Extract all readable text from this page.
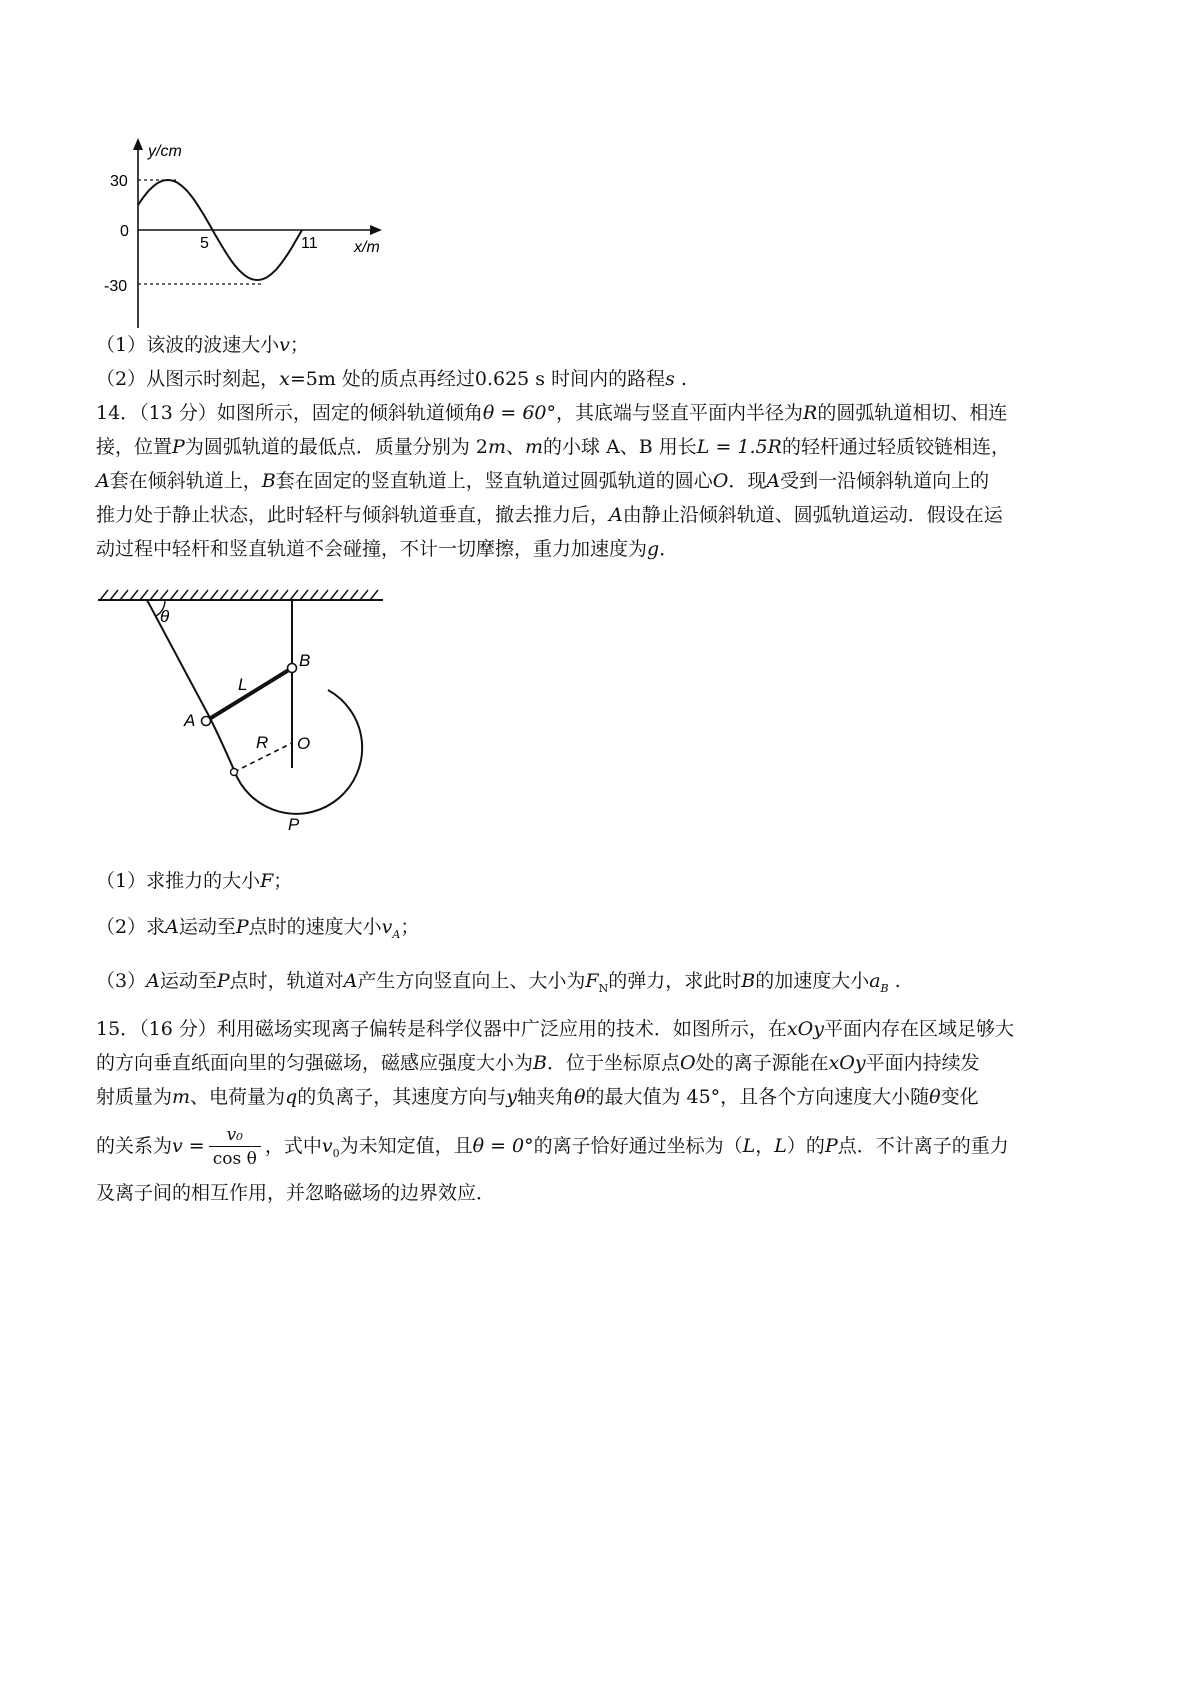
y/cm
x/m
30
0
-30
5	11
（1）该波的波速大小v；
（2）从图示时刻起，x=5m 处的质点再经过0.625 s 时间内的路程s .
14．（13 分）如图所示，固定的倾斜轨道倾角θ = 60°，其底端与竖直平面内半径为R的圆弧轨道相切、相连
接，位置P为圆弧轨道的最低点．质量分别为 2m、m的小球 A、B 用长L = 1.5R的轻杆通过轻质铰链相连，
A套在倾斜轨道上，B套在固定的竖直轨道上，竖直轨道过圆弧轨道的圆心O．现A受到一沿倾斜轨道向上的
推力处于静止状态，此时轻杆与倾斜轨道垂直，撤去推力后，A由静止沿倾斜轨道、圆弧轨道运动．假设在运
动过程中轻杆和竖直轨道不会碰撞，不计一切摩擦，重力加速度为g．
θ
B
L
A
R O
P
（1）求推力的大小F；
（2）求A运动至P点时的速度大小$v_A$；
（3）A运动至P点时，轨道对A产生方向竖直向上、大小为$F_N$的弹力，求此时B的加速度大小$a_B$ .
15．（16 分）利用磁场实现离子偏转是科学仪器中广泛应用的技术．如图所示，在xOy平面内存在区域足够大
的方向垂直纸面向里的匀强磁场，磁感应强度大小为B．位于坐标原点O处的离子源能在xOy平面内持续发
射质量为m、电荷量为q的负离子，其速度方向与y轴夹角θ的最大值为 45°，且各个方向速度大小随θ变化
的关系为$v = \frac{\text{v₀}}{\text{cos θ}}$ ，式中$v_0$为未知定值，且θ = 0°的离子恰好通过坐标为（L，L）的P点．不计离子的重力
及离子间的相互作用，并忽略磁场的边界效应．
